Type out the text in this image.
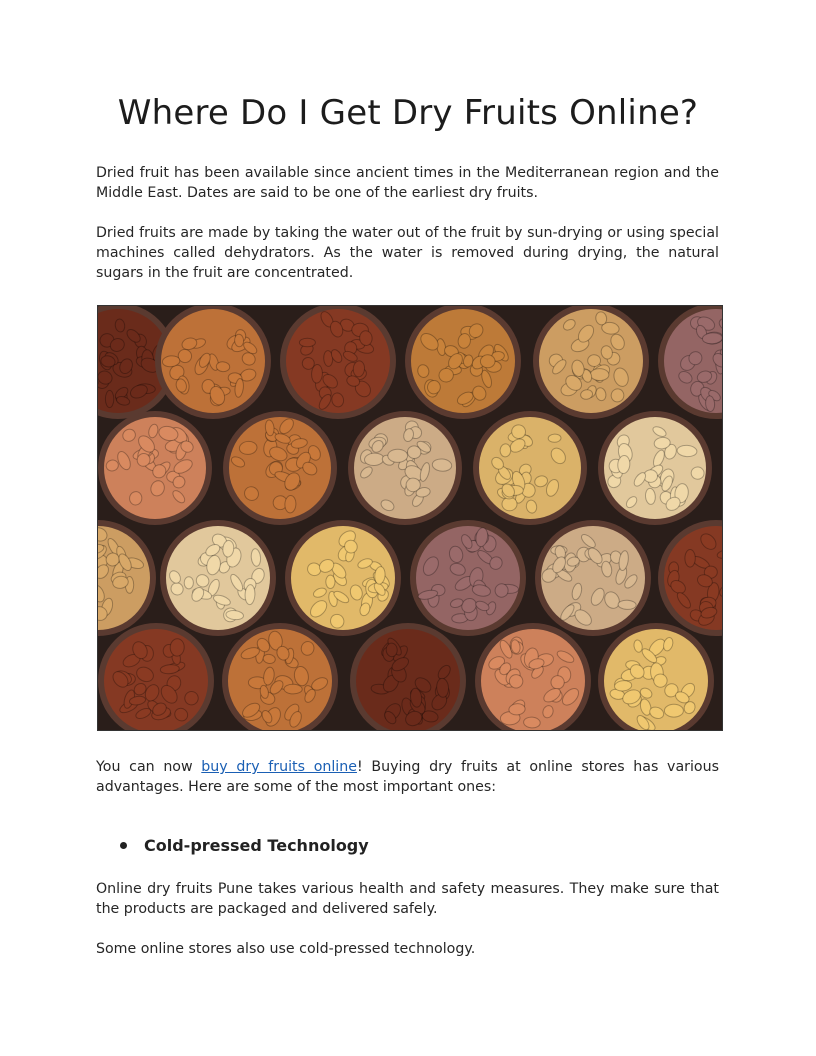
Where Do I Get Dry Fruits Online?

Dried fruit has been available since ancient times in the Mediterranean region and the Middle East. Dates are said to be one of the earliest dry fruits.

Dried fruits are made by taking the water out of the fruit by sun-drying or using special machines called dehydrators. As the water is removed during drying, the natural sugars in the fruit are concentrated.

You can now buy dry fruits online! Buying dry fruits at online stores has various advantages. Here are some of the most important ones:

Cold-pressed Technology

Online dry fruits Pune takes various health and safety measures. They make sure that the products are packaged and delivered safely.

Some online stores also use cold-pressed technology.
